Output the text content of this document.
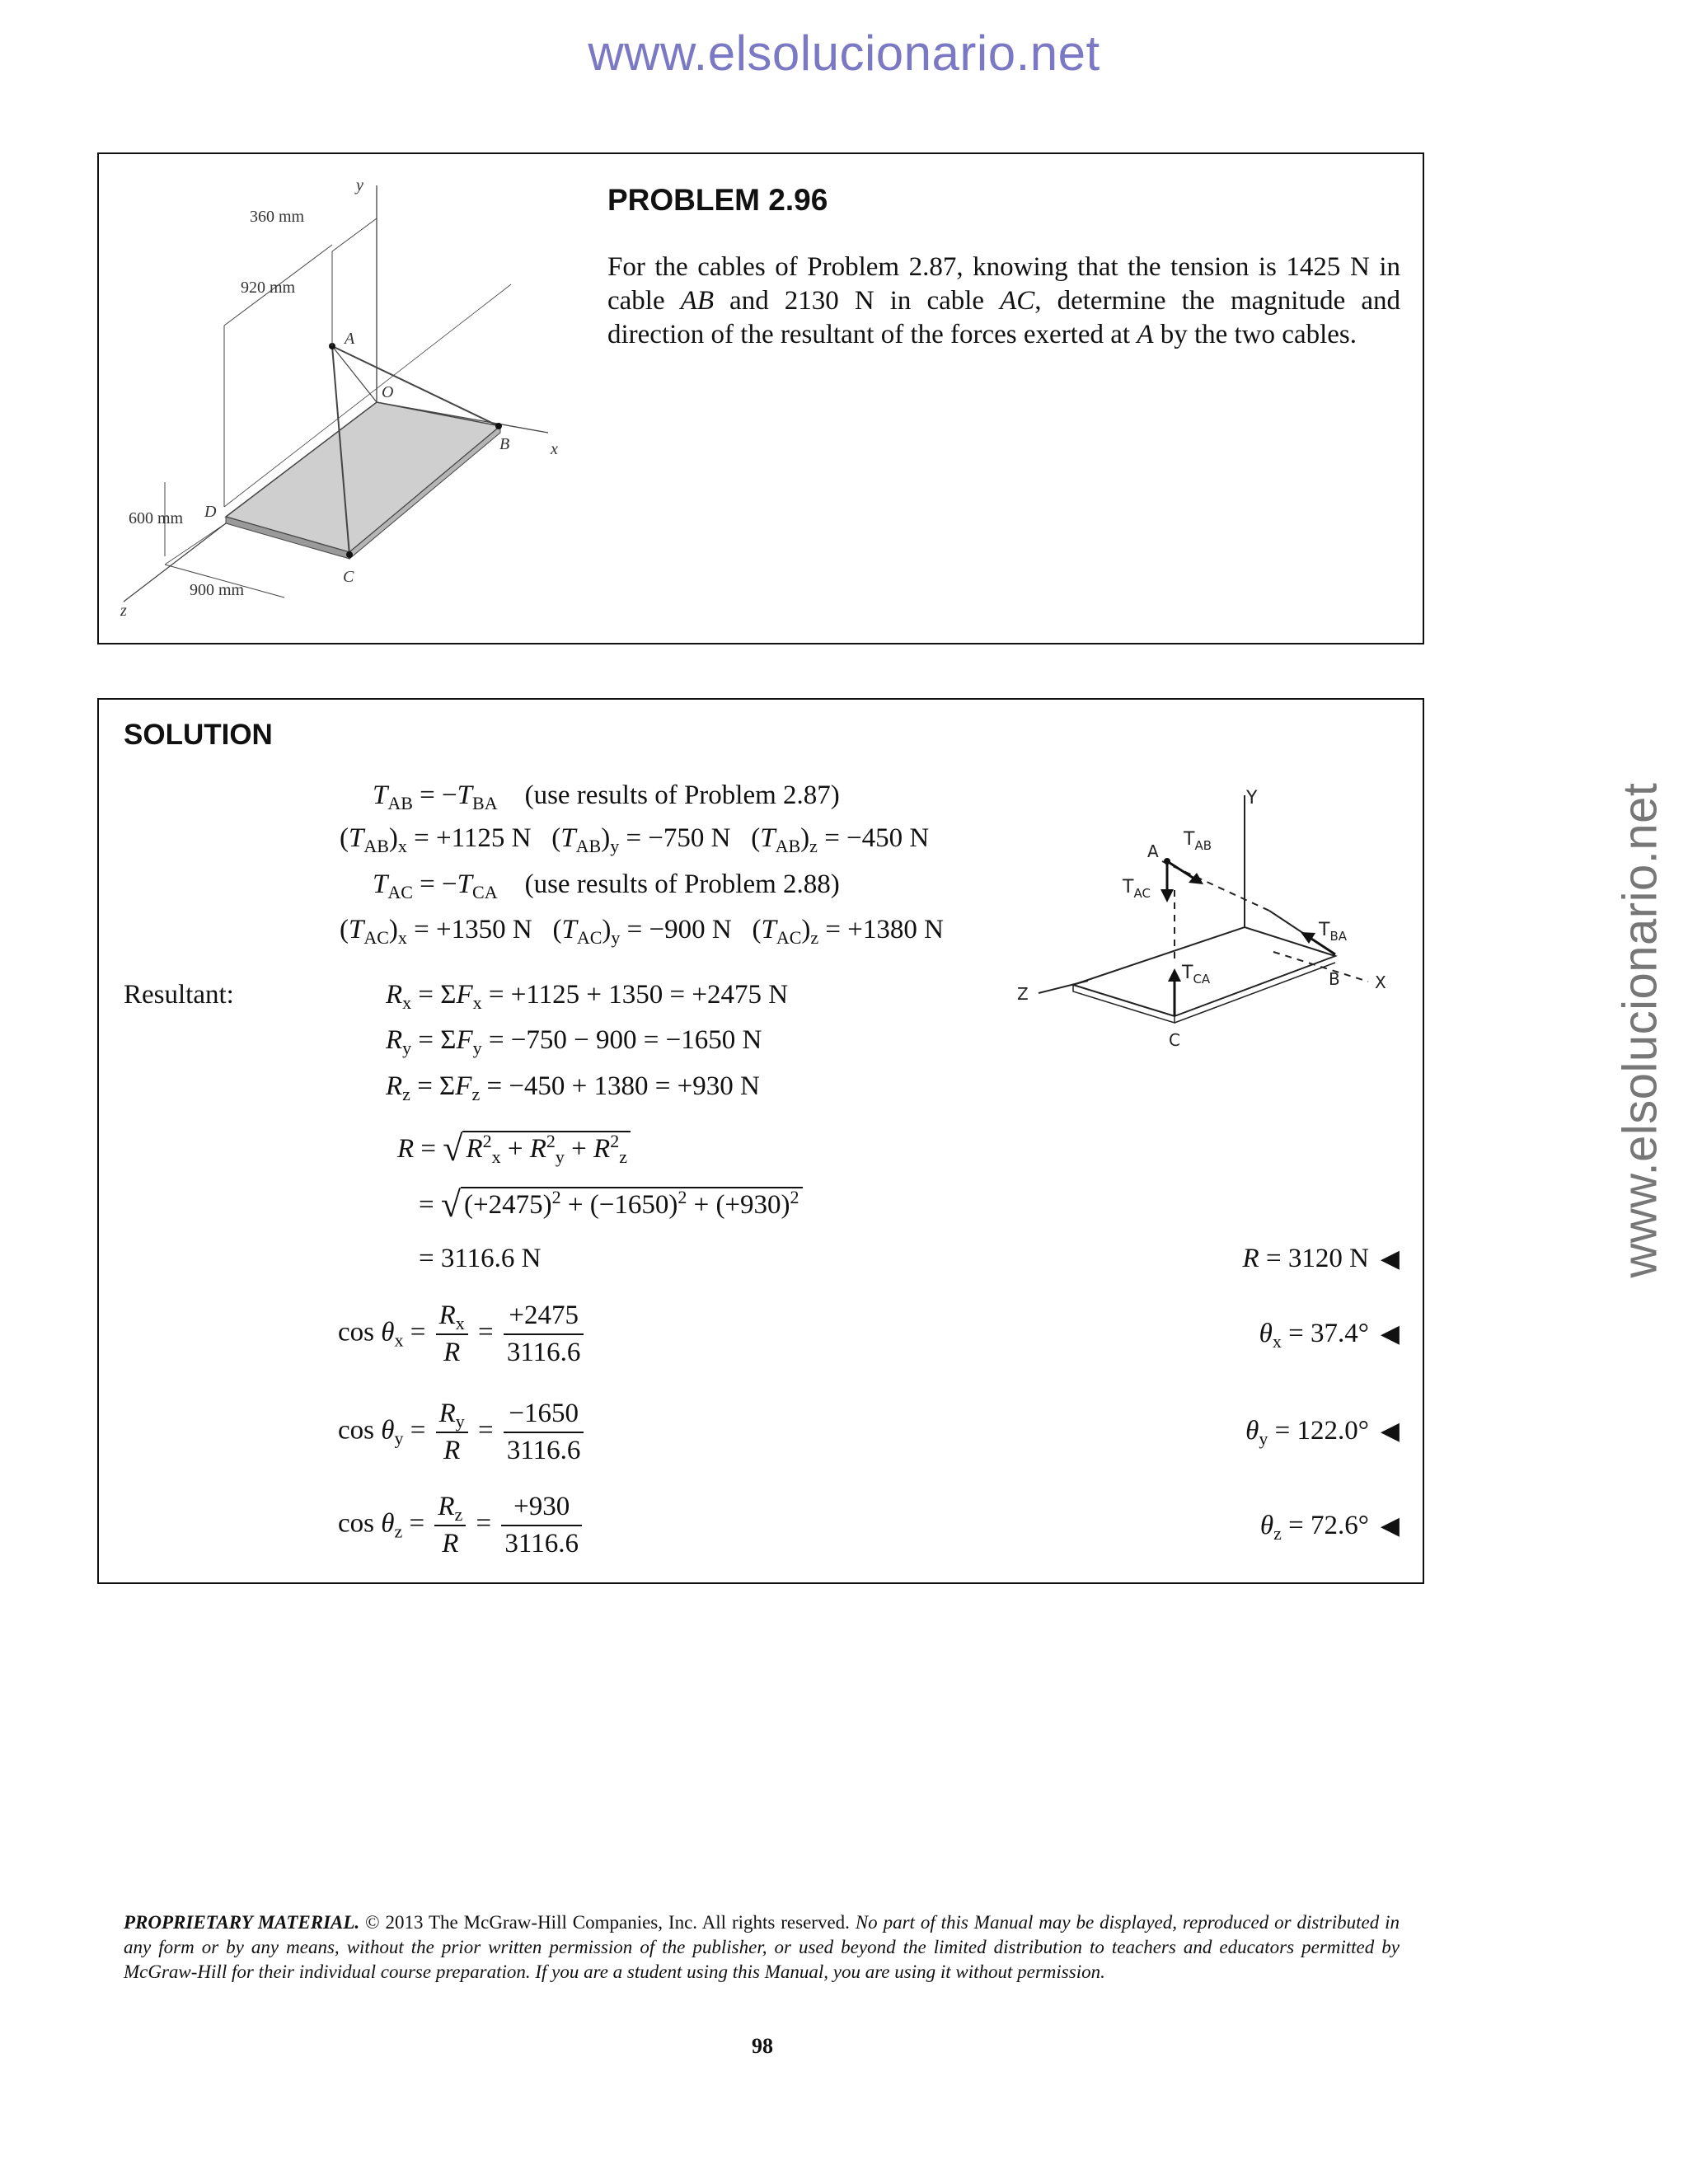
www.elsolucionario.net
www.elsolucionario.net
y
x
z
360 mm
920 mm
600 mm
900 mm
A
O
B
D
C
PROBLEM 2.96
For the cables of Problem 2.87, knowing that the tension is 1425 N in cable AB and 2130 N in cable AC, determine the magnitude and direction of the resultant of the forces exerted at A by the two cables.
SOLUTION
$T_{AB} = -T_{BA}$ (use results of Problem 2.87)
$(T_{AB})_x = +1125$ N   $(T_{AB})_y = -750$ N   $(T_{AB})_z = -450$ N
$T_{AC} = -T_{CA}$ (use results of Problem 2.88)
$(T_{AC})_x = +1350$ N   $(T_{AC})_y = -900$ N   $(T_{AC})_z = +1380$ N
Resultant:	$R_x = \Sigma F_x = +1125 + 1350 = +2475$ N
$R_y = \Sigma F_y = -750 - 900 = -1650$ N
$R_z = \Sigma F_z = -450 + 1380 = +930$ N
R = √ $R^2_x + R^2_y + R^2_z$
= √ $(+2475)^2 + (-1650)^2 + (+930)^2$
= 3116.6 N
$\cos \theta_x = \frac{R_x}{R} = \frac{+2475}{3116.6}$
$\cos \theta_y = \frac{R_y}{R} = \frac{-1650}{3116.6}$
$\cos \theta_z = \frac{R_z}{R} = \frac{+930}{3116.6}$
R = 3120 N ◀
$\theta_x = 37.4^\circ$ ◀
$\theta_y = 122.0^\circ$ ◀
$\theta_z = 72.6^\circ$ ◀
Y
A
$T_{AB}$
$T_{AC}$
$T_{BA}$
$T_{CA}$	B X
Z
C
PROPRIETARY MATERIAL. © 2013 The McGraw-Hill Companies, Inc. All rights reserved. No part of this Manual may be displayed, reproduced or distributed in any form or by any means, without the prior written permission of the publisher, or used beyond the limited distribution to teachers and educators permitted by McGraw-Hill for their individual course preparation. If you are a student using this Manual, you are using it without permission.
98
